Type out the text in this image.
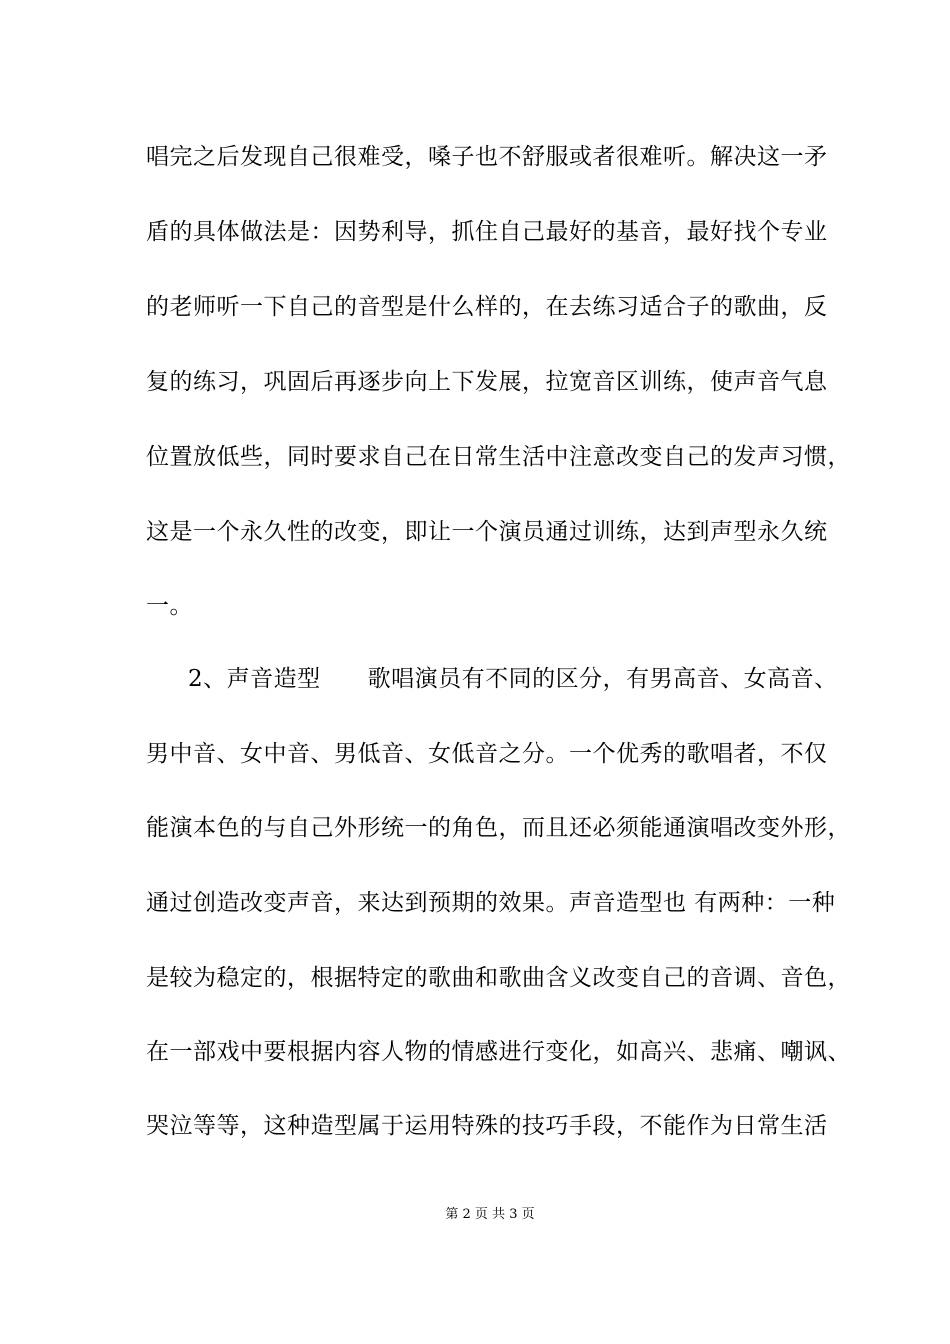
唱完之后发现自己很难受，嗓子也不舒服或者很难听。解决这一矛
盾的具体做法是：因势利导，抓住自己最好的基音，最好找个专业
的老师听一下自己的音型是什么样的，在去练习适合子的歌曲，反
复的练习，巩固后再逐步向上下发展，拉宽音区训练，使声音气息
位置放低些，同时要求自己在日常生活中注意改变自己的发声习惯，
这是一个永久性的改变，即让一个演员通过训练，达到声型永久统
一。
2、声音造型　　歌唱演员有不同的区分，有男高音、女高音、
男中音、女中音、男低音、女低音之分。一个优秀的歌唱者，不仅
能演本色的与自己外形统一的角色，而且还必须能通演唱改变外形，
通过创造改变声音，来达到预期的效果。声音造型也 有两种：一种
是较为稳定的，根据特定的歌曲和歌曲含义改变自己的音调、音色，
在一部戏中要根据内容人物的情感进行变化，如高兴、悲痛、嘲讽、
哭泣等等，这种造型属于运用特殊的技巧手段，不能作为日常生活
第 2 页 共 3 页
